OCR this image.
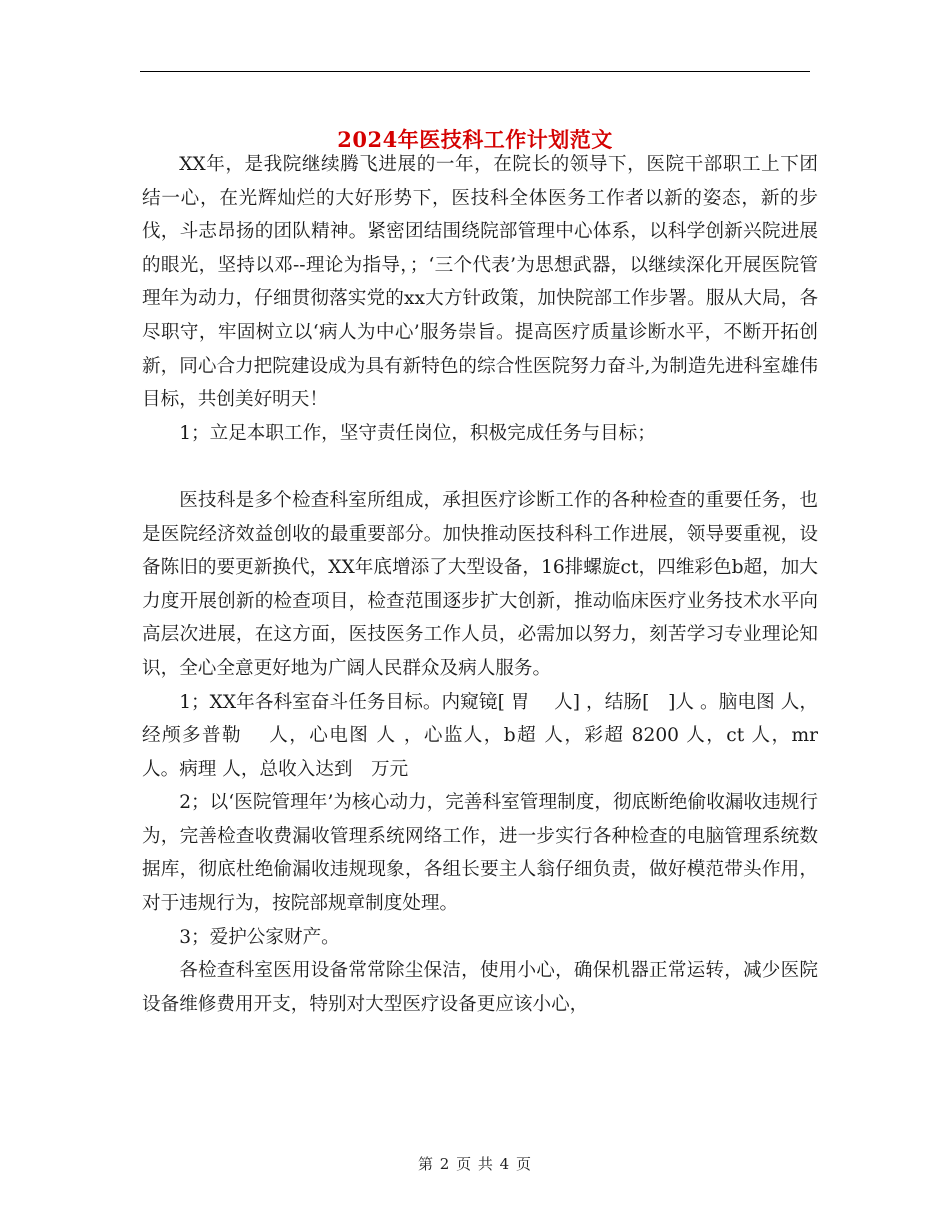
2024年医技科工作计划范文

XX年，是我院继续腾飞进展的一年，在院长的领导下，医院干部职工上下团结一心，在光辉灿烂的大好形势下，医技科全体医务工作者以新的姿态，新的步伐，斗志昂扬的团队精神。紧密团结围绕院部管理中心体系，以科学创新兴院进展的眼光，坚持以邓--理论为指导，；‘三个代表’为思想武器，以继续深化开展医院管理年为动力，仔细贯彻落实党的xx大方针政策，加快院部工作步署。服从大局，各尽职守，牢固树立以‘病人为中心’服务崇旨。提高医疗质量诊断水平，不断开拓创新，同心合力把院建设成为具有新特色的综合性医院努力奋斗,为制造先进科室雄伟目标，共创美好明天！

1；立足本职工作，坚守责任岗位，积极完成任务与目标；

医技科是多个检查科室所组成，承担医疗诊断工作的各种检查的重要任务，也是医院经济效益创收的最重要部分。加快推动医技科科工作进展，领导要重视，设备陈旧的要更新换代，XX年底增添了大型设备，16排螺旋ct，四维彩色b超，加大力度开展创新的检查项目，检查范围逐步扩大创新，推动临床医疗业务技术水平向高层次进展，在这方面，医技医务工作人员，必需加以努力，刻苦学习专业理论知识，全心全意更好地为广阔人民群众及病人服务。

1；XX年各科室奋斗任务目标。内窥镜[ 胃　 人] ，结肠[　]人 。脑电图 人，经颅多普勒　 人，心电图 人 ，心监人，b超 人，彩超 8200 人，ct 人，mr　人。病理 人，总收入达到　万元

2；以‘医院管理年’为核心动力，完善科室管理制度，彻底断绝偷收漏收违规行为，完善检查收费漏收管理系统网络工作，进一步实行各种检查的电脑管理系统数据库，彻底杜绝偷漏收违规现象，各组长要主人翁仔细负责，做好模范带头作用，对于违规行为，按院部规章制度处理。

3；爱护公家财产。

各检查科室医用设备常常除尘保洁，使用小心，确保机器正常运转，减少医院设备维修费用开支，特别对大型医疗设备更应该小心，

第 2 页 共 4 页
